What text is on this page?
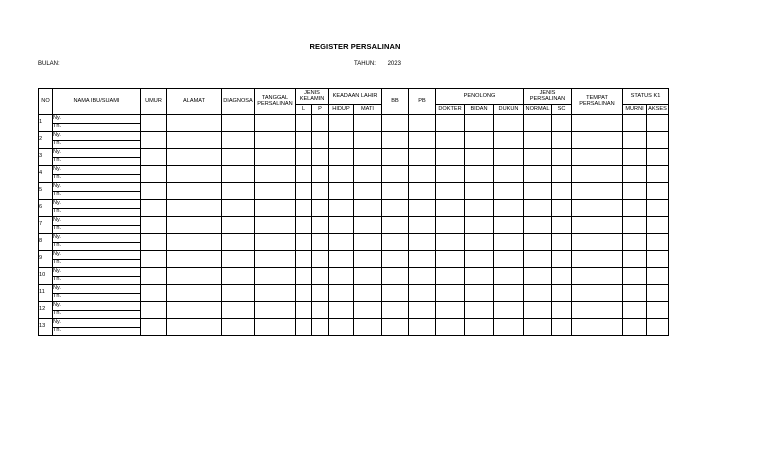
REGISTER PERSALINAN
BULAN:	TAHUN: 2023
NO	NAMA IBU/SUAMI	UMUR	ALAMAT	DIAGNOSA	TANGGAL PERSALINAN	JENIS KELAMIN		KEADAAN LAHIR		BB	PB	PENOLONG			JENIS PERSALINAN		TEMPAT PERSALINAN	STATUS K1	
						L	P	HIDUP	MATI			DOKTER	BIDAN	DUKUN	NORMAL	SC		MURNI	AKSES
1	Ny.																		
	Tn.																		
2	Ny.																		
	Tn.																		
3	Ny.																		
	Tn.																		
4	Ny.																		
	Tn.																		
5	Ny.																		
	Tn.																		
6	Ny.																		
	Tn.																		
7	Ny.																		
	Tn.																		
8	Ny.																		
	Tn.																		
9	Ny.																		
	Tn.																		
10	Ny.																		
	Tn.																		
11	Ny.																		
	Tn.																		
12	Ny.																		
	Tn.																		
13	Ny.																		
	Tn.																		
